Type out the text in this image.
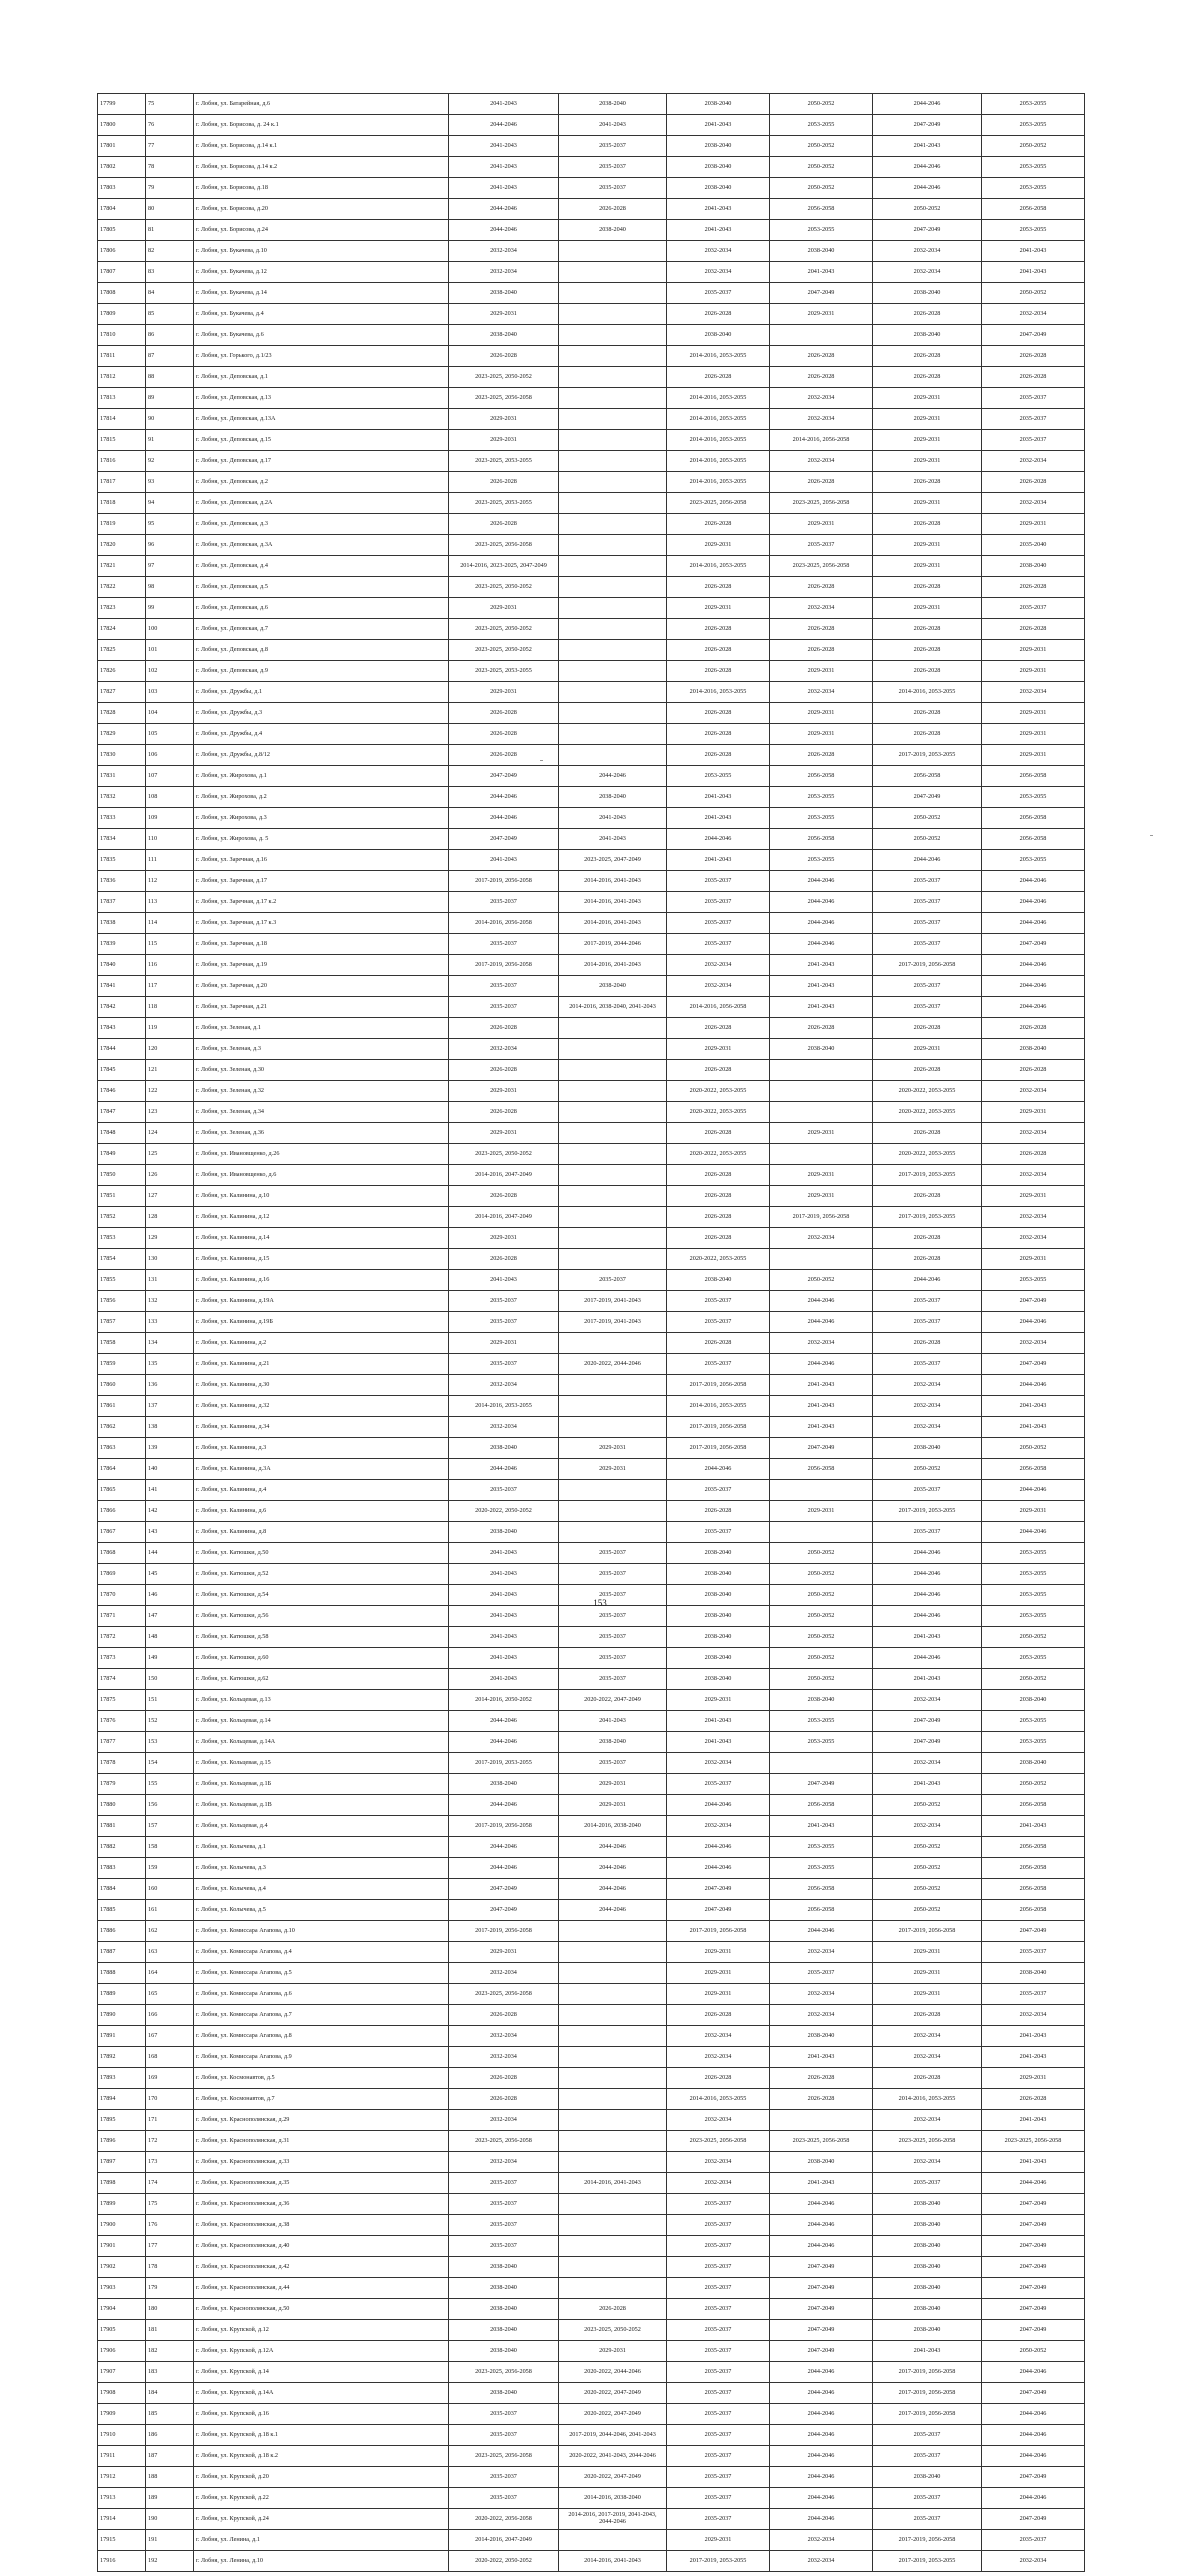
17799	75	г. Лобня, ул. Батарейная, д.6	2041-2043	2038-2040	2038-2040	2050-2052	2044-2046	2053-2055
17800	76	г. Лобня, ул. Борисова, д. 24 к.1	2044-2046	2041-2043	2041-2043	2053-2055	2047-2049	2053-2055
17801	77	г. Лобня, ул. Борисова, д.14 к.1	2041-2043	2035-2037	2038-2040	2050-2052	2041-2043	2050-2052
17802	78	г. Лобня, ул. Борисова, д.14 к.2	2041-2043	2035-2037	2038-2040	2050-2052	2044-2046	2053-2055
17803	79	г. Лобня, ул. Борисова, д.18	2041-2043	2035-2037	2038-2040	2050-2052	2044-2046	2053-2055
17804	80	г. Лобня, ул. Борисова, д.20	2044-2046	2026-2028	2041-2043	2056-2058	2050-2052	2056-2058
17805	81	г. Лобня, ул. Борисова, д.24	2044-2046	2038-2040	2041-2043	2053-2055	2047-2049	2053-2055
17806	82	г. Лобня, ул. Букачева, д.10	2032-2034		2032-2034	2038-2040	2032-2034	2041-2043
17807	83	г. Лобня, ул. Букачева, д.12	2032-2034		2032-2034	2041-2043	2032-2034	2041-2043
17808	84	г. Лобня, ул. Букачева, д.14	2038-2040		2035-2037	2047-2049	2038-2040	2050-2052
17809	85	г. Лобня, ул. Букачева, д.4	2029-2031		2026-2028	2029-2031	2026-2028	2032-2034
17810	86	г. Лобня, ул. Букачева, д.6	2038-2040		2038-2040		2038-2040	2047-2049
17811	87	г. Лобня, ул. Горького, д.1/23	2026-2028		2014-2016, 2053-2055	2026-2028	2026-2028	2026-2028
17812	88	г. Лобня, ул. Деповская, д.1	2023-2025, 2050-2052		2026-2028	2026-2028	2026-2028	2026-2028
17813	89	г. Лобня, ул. Деповская, д.13	2023-2025, 2056-2058		2014-2016, 2053-2055	2032-2034	2029-2031	2035-2037
17814	90	г. Лобня, ул. Деповская, д.13А	2029-2031		2014-2016, 2053-2055	2032-2034	2029-2031	2035-2037
17815	91	г. Лобня, ул. Деповская, д.15	2029-2031		2014-2016, 2053-2055	2014-2016, 2056-2058	2029-2031	2035-2037
17816	92	г. Лобня, ул. Деповская, д.17	2023-2025, 2053-2055		2014-2016, 2053-2055	2032-2034	2029-2031	2032-2034
17817	93	г. Лобня, ул. Деповская, д.2	2026-2028		2014-2016, 2053-2055	2026-2028	2026-2028	2026-2028
17818	94	г. Лобня, ул. Деповская, д.2А	2023-2025, 2053-2055		2023-2025, 2056-2058	2023-2025, 2056-2058	2029-2031	2032-2034
17819	95	г. Лобня, ул. Деповская, д.3	2026-2028		2026-2028	2029-2031	2026-2028	2029-2031
17820	96	г. Лобня, ул. Деповская, д.3А	2023-2025, 2056-2058		2029-2031	2035-2037	2029-2031	2035-2040
17821	97	г. Лобня, ул. Деповская, д.4	2014-2016, 2023-2025, 2047-2049		2014-2016, 2053-2055	2023-2025, 2056-2058	2029-2031	2038-2040
17822	98	г. Лобня, ул. Деповская, д.5	2023-2025, 2050-2052		2026-2028	2026-2028	2026-2028	2026-2028
17823	99	г. Лобня, ул. Деповская, д.6	2029-2031		2029-2031	2032-2034	2029-2031	2035-2037
17824	100	г. Лобня, ул. Деповская, д.7	2023-2025, 2050-2052		2026-2028	2026-2028	2026-2028	2026-2028
17825	101	г. Лобня, ул. Деповская, д.8	2023-2025, 2050-2052		2026-2028	2026-2028	2026-2028	2029-2031
17826	102	г. Лобня, ул. Деповская, д.9	2023-2025, 2053-2055		2026-2028	2029-2031	2026-2028	2029-2031
17827	103	г. Лобня, ул. Дружбы, д.1	2029-2031		2014-2016, 2053-2055	2032-2034	2014-2016, 2053-2055	2032-2034
17828	104	г. Лобня, ул. Дружбы, д.3	2026-2028		2026-2028	2029-2031	2026-2028	2029-2031
17829	105	г. Лобня, ул. Дружбы, д.4	2026-2028		2026-2028	2029-2031	2026-2028	2029-2031
17830	106	г. Лобня, ул. Дружбы, д.8/12	2026-2028		2026-2028	2026-2028	2017-2019, 2053-2055	2029-2031
17831	107	г. Лобня, ул. Жирохова, д.1	2047-2049	2044-2046	2053-2055	2056-2058	2056-2058	2056-2058
17832	108	г. Лобня, ул. Жирохова, д.2	2044-2046	2038-2040	2041-2043	2053-2055	2047-2049	2053-2055
17833	109	г. Лобня, ул. Жирохова, д.3	2044-2046	2041-2043	2041-2043	2053-2055	2050-2052	2056-2058
17834	110	г. Лобня, ул. Жирохова, д. 5	2047-2049	2041-2043	2044-2046	2056-2058	2050-2052	2056-2058
17835	111	г. Лобня, ул. Заречная, д.16	2041-2043	2023-2025, 2047-2049	2041-2043	2053-2055	2044-2046	2053-2055
17836	112	г. Лобня, ул. Заречная, д.17	2017-2019, 2056-2058	2014-2016, 2041-2043	2035-2037	2044-2046	2035-2037	2044-2046
17837	113	г. Лобня, ул. Заречная, д.17 к.2	2035-2037	2014-2016, 2041-2043	2035-2037	2044-2046	2035-2037	2044-2046
17838	114	г. Лобня, ул. Заречная, д.17 к.3	2014-2016, 2056-2058	2014-2016, 2041-2043	2035-2037	2044-2046	2035-2037	2044-2046
17839	115	г. Лобня, ул. Заречная, д.18	2035-2037	2017-2019, 2044-2046	2035-2037	2044-2046	2035-2037	2047-2049
17840	116	г. Лобня, ул. Заречная, д.19	2017-2019, 2056-2058	2014-2016, 2041-2043	2032-2034	2041-2043	2017-2019, 2056-2058	2044-2046
17841	117	г. Лобня, ул. Заречная, д.20	2035-2037	2038-2040	2032-2034	2041-2043	2035-2037	2044-2046
17842	118	г. Лобня, ул. Заречная, д.21	2035-2037	2014-2016, 2038-2040, 2041-2043	2014-2016, 2056-2058	2041-2043	2035-2037	2044-2046
17843	119	г. Лобня, ул. Зеленая, д.1	2026-2028		2026-2028	2026-2028	2026-2028	2026-2028
17844	120	г. Лобня, ул. Зеленая, д.3	2032-2034		2029-2031	2038-2040	2029-2031	2038-2040
17845	121	г. Лобня, ул. Зеленая, д.30	2026-2028		2026-2028		2026-2028	2026-2028
17846	122	г. Лобня, ул. Зеленая, д.32	2029-2031		2020-2022, 2053-2055		2020-2022, 2053-2055	2032-2034
17847	123	г. Лобня, ул. Зеленая, д.34	2026-2028		2020-2022, 2053-2055		2020-2022, 2053-2055	2029-2031
17848	124	г. Лобня, ул. Зеленая, д.36	2029-2031		2026-2028	2029-2031	2026-2028	2032-2034
17849	125	г. Лобня, ул. Ивановщенко, д.26	2023-2025, 2050-2052		2020-2022, 2053-2055		2020-2022, 2053-2055	2026-2028
17850	126	г. Лобня, ул. Ивановщенко, д.6	2014-2016, 2047-2049		2026-2028	2029-2031	2017-2019, 2053-2055	2032-2034
17851	127	г. Лобня, ул. Калинина, д.10	2026-2028		2026-2028	2029-2031	2026-2028	2029-2031
17852	128	г. Лобня, ул. Калинина, д.12	2014-2016, 2047-2049		2026-2028	2017-2019, 2056-2058	2017-2019, 2053-2055	2032-2034
17853	129	г. Лобня, ул. Калинина, д.14	2029-2031		2026-2028	2032-2034	2026-2028	2032-2034
17854	130	г. Лобня, ул. Калинина, д.15	2026-2028		2020-2022, 2053-2055		2026-2028	2029-2031
17855	131	г. Лобня, ул. Калинина, д.16	2041-2043	2035-2037	2038-2040	2050-2052	2044-2046	2053-2055
17856	132	г. Лобня, ул. Калинина, д.19А	2035-2037	2017-2019, 2041-2043	2035-2037	2044-2046	2035-2037	2047-2049
17857	133	г. Лобня, ул. Калинина, д.19Б	2035-2037	2017-2019, 2041-2043	2035-2037	2044-2046	2035-2037	2044-2046
17858	134	г. Лобня, ул. Калинина, д.2	2029-2031		2026-2028	2032-2034	2026-2028	2032-2034
17859	135	г. Лобня, ул. Калинина, д.21	2035-2037	2020-2022, 2044-2046	2035-2037	2044-2046	2035-2037	2047-2049
17860	136	г. Лобня, ул. Калинина, д.30	2032-2034		2017-2019, 2056-2058	2041-2043	2032-2034	2044-2046
17861	137	г. Лобня, ул. Калинина, д.32	2014-2016, 2053-2055		2014-2016, 2053-2055	2041-2043	2032-2034	2041-2043
17862	138	г. Лобня, ул. Калинина, д.34	2032-2034		2017-2019, 2056-2058	2041-2043	2032-2034	2041-2043
17863	139	г. Лобня, ул. Калинина, д.3	2038-2040	2029-2031	2017-2019, 2056-2058	2047-2049	2038-2040	2050-2052
17864	140	г. Лобня, ул. Калинина, д.3А	2044-2046	2029-2031	2044-2046	2056-2058	2050-2052	2056-2058
17865	141	г. Лобня, ул. Калинина, д.4	2035-2037		2035-2037		2035-2037	2044-2046
17866	142	г. Лобня, ул. Калинина, д.6	2020-2022, 2050-2052		2026-2028	2029-2031	2017-2019, 2053-2055	2029-2031
17867	143	г. Лобня, ул. Калинина, д.8	2038-2040		2035-2037		2035-2037	2044-2046
17868	144	г. Лобня, ул. Катюшки, д.50	2041-2043	2035-2037	2038-2040	2050-2052	2044-2046	2053-2055
17869	145	г. Лобня, ул. Катюшки, д.52	2041-2043	2035-2037	2038-2040	2050-2052	2044-2046	2053-2055
17870	146	г. Лобня, ул. Катюшки, д.54	2041-2043	2035-2037	2038-2040	2050-2052	2044-2046	2053-2055
17871	147	г. Лобня, ул. Катюшки, д.56	2041-2043	2035-2037	2038-2040	2050-2052	2044-2046	2053-2055
17872	148	г. Лобня, ул. Катюшки, д.58	2041-2043	2035-2037	2038-2040	2050-2052	2041-2043	2050-2052
17873	149	г. Лобня, ул. Катюшки, д.60	2041-2043	2035-2037	2038-2040	2050-2052	2044-2046	2053-2055
17874	150	г. Лобня, ул. Катюшки, д.62	2041-2043	2035-2037	2038-2040	2050-2052	2041-2043	2050-2052
17875	151	г. Лобня, ул. Кольцевая, д.13	2014-2016, 2050-2052	2020-2022, 2047-2049	2029-2031	2038-2040	2032-2034	2038-2040
17876	152	г. Лобня, ул. Кольцевая, д.14	2044-2046	2041-2043	2041-2043	2053-2055	2047-2049	2053-2055
17877	153	г. Лобня, ул. Кольцевая, д.14А	2044-2046	2038-2040	2041-2043	2053-2055	2047-2049	2053-2055
17878	154	г. Лобня, ул. Кольцевая, д.15	2017-2019, 2053-2055	2035-2037	2032-2034		2032-2034	2038-2040
17879	155	г. Лобня, ул. Кольцевая, д.1Б	2038-2040	2029-2031	2035-2037	2047-2049	2041-2043	2050-2052
17880	156	г. Лобня, ул. Кольцевая, д.1В	2044-2046	2029-2031	2044-2046	2056-2058	2050-2052	2056-2058
17881	157	г. Лобня, ул. Кольцевая, д.4	2017-2019, 2056-2058	2014-2016, 2038-2040	2032-2034	2041-2043	2032-2034	2041-2043
17882	158	г. Лобня, ул. Колычева, д.1	2044-2046	2044-2046	2044-2046	2053-2055	2050-2052	2056-2058
17883	159	г. Лобня, ул. Колычева, д.3	2044-2046	2044-2046	2044-2046	2053-2055	2050-2052	2056-2058
17884	160	г. Лобня, ул. Колычева, д.4	2047-2049	2044-2046	2047-2049	2056-2058	2050-2052	2056-2058
17885	161	г. Лобня, ул. Колычева, д.5	2047-2049	2044-2046	2047-2049	2056-2058	2050-2052	2056-2058
17886	162	г. Лобня, ул. Комиссара Агапова, д.10	2017-2019, 2056-2058		2017-2019, 2056-2058	2044-2046	2017-2019, 2056-2058	2047-2049
17887	163	г. Лобня, ул. Комиссара Агапова, д.4	2029-2031		2029-2031	2032-2034	2029-2031	2035-2037
17888	164	г. Лобня, ул. Комиссара Агапова, д.5	2032-2034		2029-2031	2035-2037	2029-2031	2038-2040
17889	165	г. Лобня, ул. Комиссара Агапова, д.6	2023-2025, 2056-2058		2029-2031	2032-2034	2029-2031	2035-2037
17890	166	г. Лобня, ул. Комиссара Агапова, д.7	2026-2028		2026-2028	2032-2034	2026-2028	2032-2034
17891	167	г. Лобня, ул. Комиссара Агапова, д.8	2032-2034		2032-2034	2038-2040	2032-2034	2041-2043
17892	168	г. Лобня, ул. Комиссара Агапова, д.9	2032-2034		2032-2034	2041-2043	2032-2034	2041-2043
17893	169	г. Лобня, ул. Космонавтов, д.5	2026-2028		2026-2028	2026-2028	2026-2028	2029-2031
17894	170	г. Лобня, ул. Космонавтов, д.7	2026-2028		2014-2016, 2053-2055	2026-2028	2014-2016, 2053-2055	2026-2028
17895	171	г. Лобня, ул. Краснополянская, д.29	2032-2034		2032-2034		2032-2034	2041-2043
17896	172	г. Лобня, ул. Краснополянская, д.31	2023-2025, 2056-2058		2023-2025, 2056-2058	2023-2025, 2056-2058	2023-2025, 2056-2058	2023-2025, 2056-2058
17897	173	г. Лобня, ул. Краснополянская, д.33	2032-2034		2032-2034	2038-2040	2032-2034	2041-2043
17898	174	г. Лобня, ул. Краснополянская, д.35	2035-2037	2014-2016, 2041-2043	2032-2034	2041-2043	2035-2037	2044-2046
17899	175	г. Лобня, ул. Краснополянская, д.36	2035-2037		2035-2037	2044-2046	2038-2040	2047-2049
17900	176	г. Лобня, ул. Краснополянская, д.38	2035-2037		2035-2037	2044-2046	2038-2040	2047-2049
17901	177	г. Лобня, ул. Краснополянская, д.40	2035-2037		2035-2037	2044-2046	2038-2040	2047-2049
17902	178	г. Лобня, ул. Краснополянская, д.42	2038-2040		2035-2037	2047-2049	2038-2040	2047-2049
17903	179	г. Лобня, ул. Краснополянская, д.44	2038-2040		2035-2037	2047-2049	2038-2040	2047-2049
17904	180	г. Лобня, ул. Краснополянская, д.50	2038-2040	2026-2028	2035-2037	2047-2049	2038-2040	2047-2049
17905	181	г. Лобня, ул. Крупской, д.12	2038-2040	2023-2025, 2050-2052	2035-2037	2047-2049	2038-2040	2047-2049
17906	182	г. Лобня, ул. Крупской, д.12А	2038-2040	2029-2031	2035-2037	2047-2049	2041-2043	2050-2052
17907	183	г. Лобня, ул. Крупской, д.14	2023-2025, 2056-2058	2020-2022, 2044-2046	2035-2037	2044-2046	2017-2019, 2056-2058	2044-2046
17908	184	г. Лобня, ул. Крупской, д.14А	2038-2040	2020-2022, 2047-2049	2035-2037	2044-2046	2017-2019, 2056-2058	2047-2049
17909	185	г. Лобня, ул. Крупской, д.16	2035-2037	2020-2022, 2047-2049	2035-2037	2044-2046	2017-2019, 2056-2058	2044-2046
17910	186	г. Лобня, ул. Крупской, д.18 к.1	2035-2037	2017-2019, 2044-2046, 2041-2043	2035-2037	2044-2046	2035-2037	2044-2046
17911	187	г. Лобня, ул. Крупской, д.18 к.2	2023-2025, 2056-2058	2020-2022, 2041-2043, 2044-2046	2035-2037	2044-2046	2035-2037	2044-2046
17912	188	г. Лобня, ул. Крупской, д.20	2035-2037	2020-2022, 2047-2049	2035-2037	2044-2046	2038-2040	2047-2049
17913	189	г. Лобня, ул. Крупской, д.22	2035-2037	2014-2016, 2038-2040	2035-2037	2044-2046	2035-2037	2044-2046
17914	190	г. Лобня, ул. Крупской, д.24	2020-2022, 2056-2058	2014-2016, 2017-2019, 2041-2043, 2044-2046	2035-2037	2044-2046	2035-2037	2047-2049
17915	191	г. Лобня, ул. Ленина, д.1	2014-2016, 2047-2049		2029-2031	2032-2034	2017-2019, 2056-2058	2035-2037
17916	192	г. Лобня, ул. Ленина, д.10	2020-2022, 2050-2052	2014-2016, 2041-2043	2017-2019, 2053-2055	2032-2034	2017-2019, 2053-2055	2032-2034
153
